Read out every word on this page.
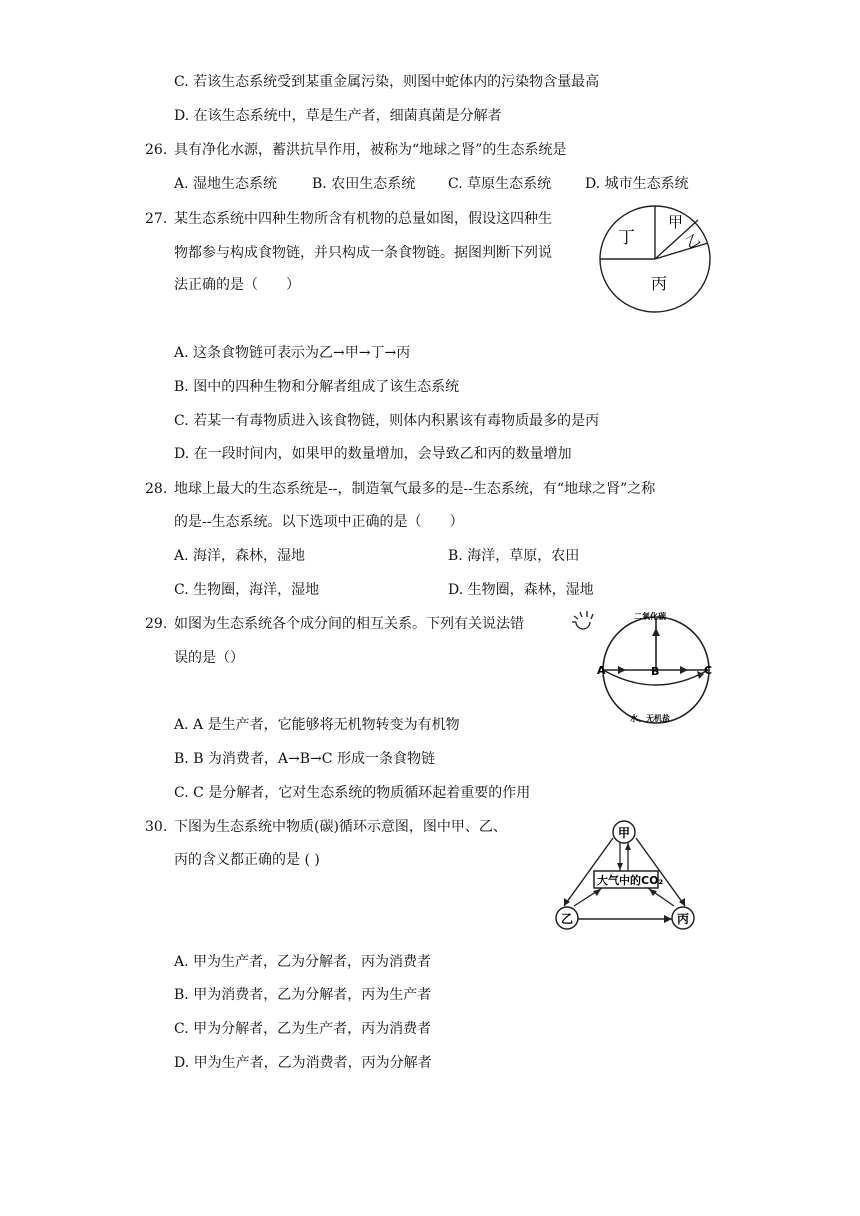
C. 若该生态系统受到某重金属污染，则图中蛇体内的污染物含量最高
D. 在该生态系统中，草是生产者，细菌真菌是分解者
26. 具有净化水源，蓄洪抗旱作用，被称为“地球之肾”的生态系统是
A. 湿地生态系统 B. 农田生态系统 C. 草原生态系统 D. 城市生态系统
27. 某生态系统中四种生物所含有机物的总量如图，假设这四种生
物都参与构成食物链，并只构成一条食物链。据图判断下列说
法正确的是（　　）
甲
乙
丁
丙
A. 这条食物链可表示为乙→甲→丁→丙
B. 图中的四种生物和分解者组成了该生态系统
C. 若某一有毒物质进入该食物链，则体内积累该有毒物质最多的是丙
D. 在一段时间内，如果甲的数量增加，会导致乙和丙的数量增加
28. 地球上最大的生态系统是--，制造氧气最多的是--生态系统，有“地球之肾”之称
的是--生态系统。以下选项中正确的是（　　）
A. 海洋，森林，湿地	B. 海洋，草原，农田
C. 生物圈，海洋，湿地	D. 生物圈，森林，湿地
29. 如图为生态系统各个成分间的相互关系。下列有关说法错
误的是（）
二氧化碳
A	B	C
水、无机盐
A. A 是生产者，它能够将无机物转变为有机物
B. B 为消费者，A→B→C 形成一条食物链
C. C 是分解者，它对生态系统的物质循环起着重要的作用
30. 下图为生态系统中物质(碳)循环示意图，图中甲、乙、
丙的含义都正确的是 ( )
大气中的CO₂
甲
乙	丙
A. 甲为生产者，乙为分解者，丙为消费者
B. 甲为消费者，乙为分解者，丙为生产者
C. 甲为分解者，乙为生产者，丙为消费者
D. 甲为生产者，乙为消费者，丙为分解者
